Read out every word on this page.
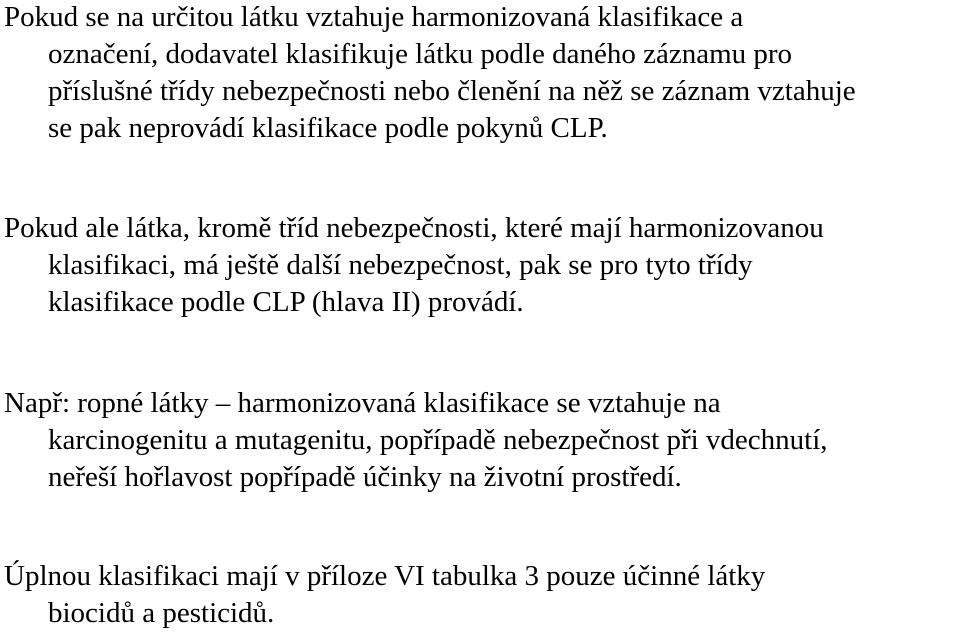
Pokud se na určitou látku vztahuje harmonizovaná klasifikace a
označení, dodavatel klasifikuje látku podle daného záznamu pro
příslušné třídy nebezpečnosti nebo členění na něž se záznam vztahuje
se pak neprovádí klasifikace podle pokynů CLP.

Pokud ale látka, kromě tříd nebezpečnosti, které mají harmonizovanou
klasifikaci, má ještě další nebezpečnost, pak se pro tyto třídy
klasifikace podle CLP (hlava II) provádí.

Např: ropné látky – harmonizovaná klasifikace se vztahuje na
karcinogenitu a mutagenitu, popřípadě nebezpečnost při vdechnutí,
neřeší hořlavost popřípadě účinky na životní prostředí.

Úplnou klasifikaci mají v příloze VI tabulka 3 pouze účinné látky
biocidů a pesticidů.
